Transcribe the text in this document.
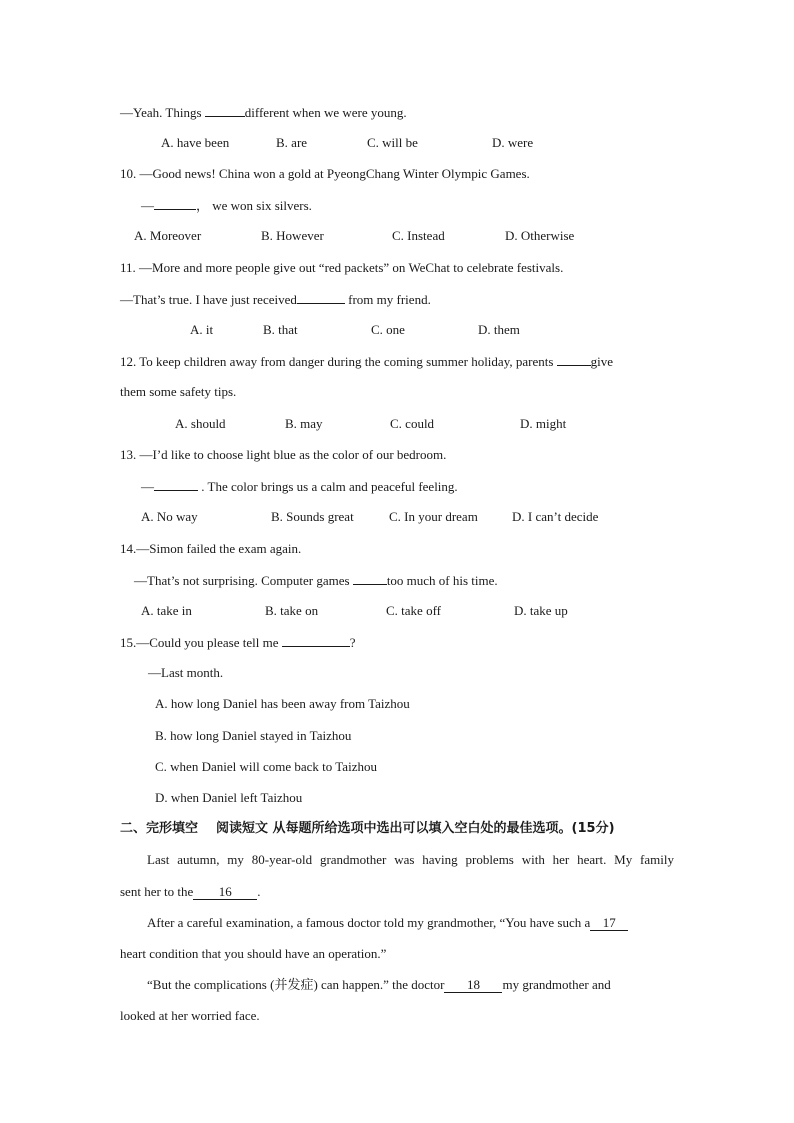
—Yeah. Things	different when we were young.
A. have been	B. are	C. will be	D. were
10. —Good news! China won a gold at PyeongChang Winter Olympic Games.
—	， we won six silvers.
A. Moreover	B. However	C. Instead	D. Otherwise
11. —More and more people give out “red packets” on WeChat to celebrate festivals.
—That’s true. I have just received	from my friend.
A. it	B. that	C. one	D. them
12. To keep children away from danger during the coming summer holiday, parents	give
them some safety tips.
A. should	B. may	C. could	D. might
13. —I’d like to choose light blue as the color of our bedroom.
—	. The color brings us a calm and peaceful feeling.
A. No way	B. Sounds great	C. In your dream	D. I can’t decide
14.—Simon failed the exam again.
—That’s not surprising. Computer games	too much of his time.
A. take in	B. take on	C. take off	D. take up
15.—Could you please tell me	?
—Last month.
A. how long Daniel has been away from Taizhou
B. how long Daniel stayed in Taizhou
C. when Daniel will come back to Taizhou
D. when Daniel left Taizhou
二、完形填空 阅读短文 从每题所给选项中选出可以填入空白处的最佳选项。(15分)
Last autumn, my 80-year-old grandmother was having problems with her heart. My family
sent her to the 16 .
After a careful examination, a famous doctor told my grandmother, “You have such a 17
heart condition that you should have an operation.”
“But the complications (并发症) can happen.” the doctor 18 my grandmother and
looked at her worried face.
